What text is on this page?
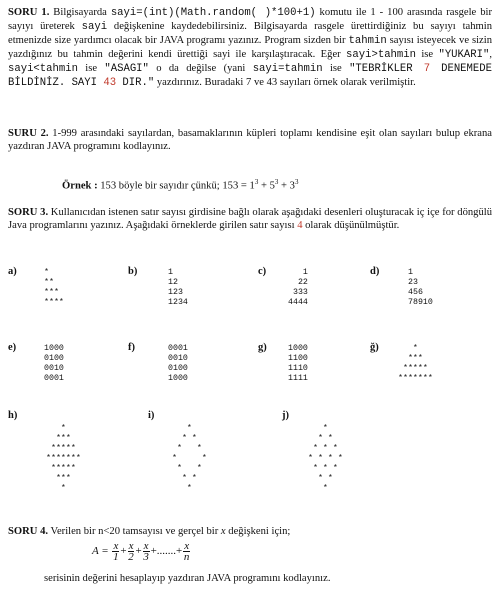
SORU 1. Bilgisayarda sayi=(int)(Math.random( )*100+1) komutu ile 1 - 100 arasında rasgele bir sayıyı üreterek sayi değişkenine kaydedebilirsiniz. Bilgisayarda rasgele ürettirdiğiniz bu sayıyı tahmin etmenizde size yardımcı olacak bir JAVA programı yazınız. Program sizden bir tahmin sayısı isteyecek ve sizin yazdığınız bu tahmin değerini kendi ürettiği sayi ile karşılaştıracak. Eğer sayi>tahmin ise "YUKARI", sayi<tahmin ise "ASAGI" o da değilse (yani sayi=tahmin ise "TEBRİKLER 7 DENEMEDE BİLDİNİZ. SAYI 43 DIR." yazdırınız. Buradaki 7 ve 43 sayıları örnek olarak verilmiştir.
SURU 2. 1-999 arasındaki sayılardan, basamaklarının küpleri toplamı kendisine eşit olan sayıları bulup ekrana yazdıran JAVA programını kodlayınız.
Örnek : 153 böyle bir sayıdır çünkü; $153 = 1^3 + 5^3 + 3^3$
SORU 3. Kullanıcıdan istenen satır sayısı girdisine bağlı olarak aşağıdaki desenleri oluşturacak iç içe for döngülü Java programlarını yazınız. Aşağıdaki örneklerde girilen satır sayısı 4 olarak düşünülmüştür.
a)	*
**
***
****
b)	1
12
123
1234
c)	1
22
333
4444
d)	1
23
456
78910
e)	1000
0100
0010
0001
f)	0001
0010
0100
1000
g)	1000
1100
1110
1111
ğ) *
***
*****
*******
h)
*
***
*****
*******
*****
***
*
i)
*
* *
*   *
*     *
*   *
* *
*
j)
*
* *
* * *
* * * *
* * *
* *
*
SORU 4. Verilen bir n<20 tamsayısı ve gerçel bir x değişkeni için;
$A = \frac{x}{1} + \frac{x}{2} + \frac{x}{3}$ +.......+ $\frac{x}{n}$
serisinin değerini hesaplayıp yazdıran JAVA programını kodlayınız.
